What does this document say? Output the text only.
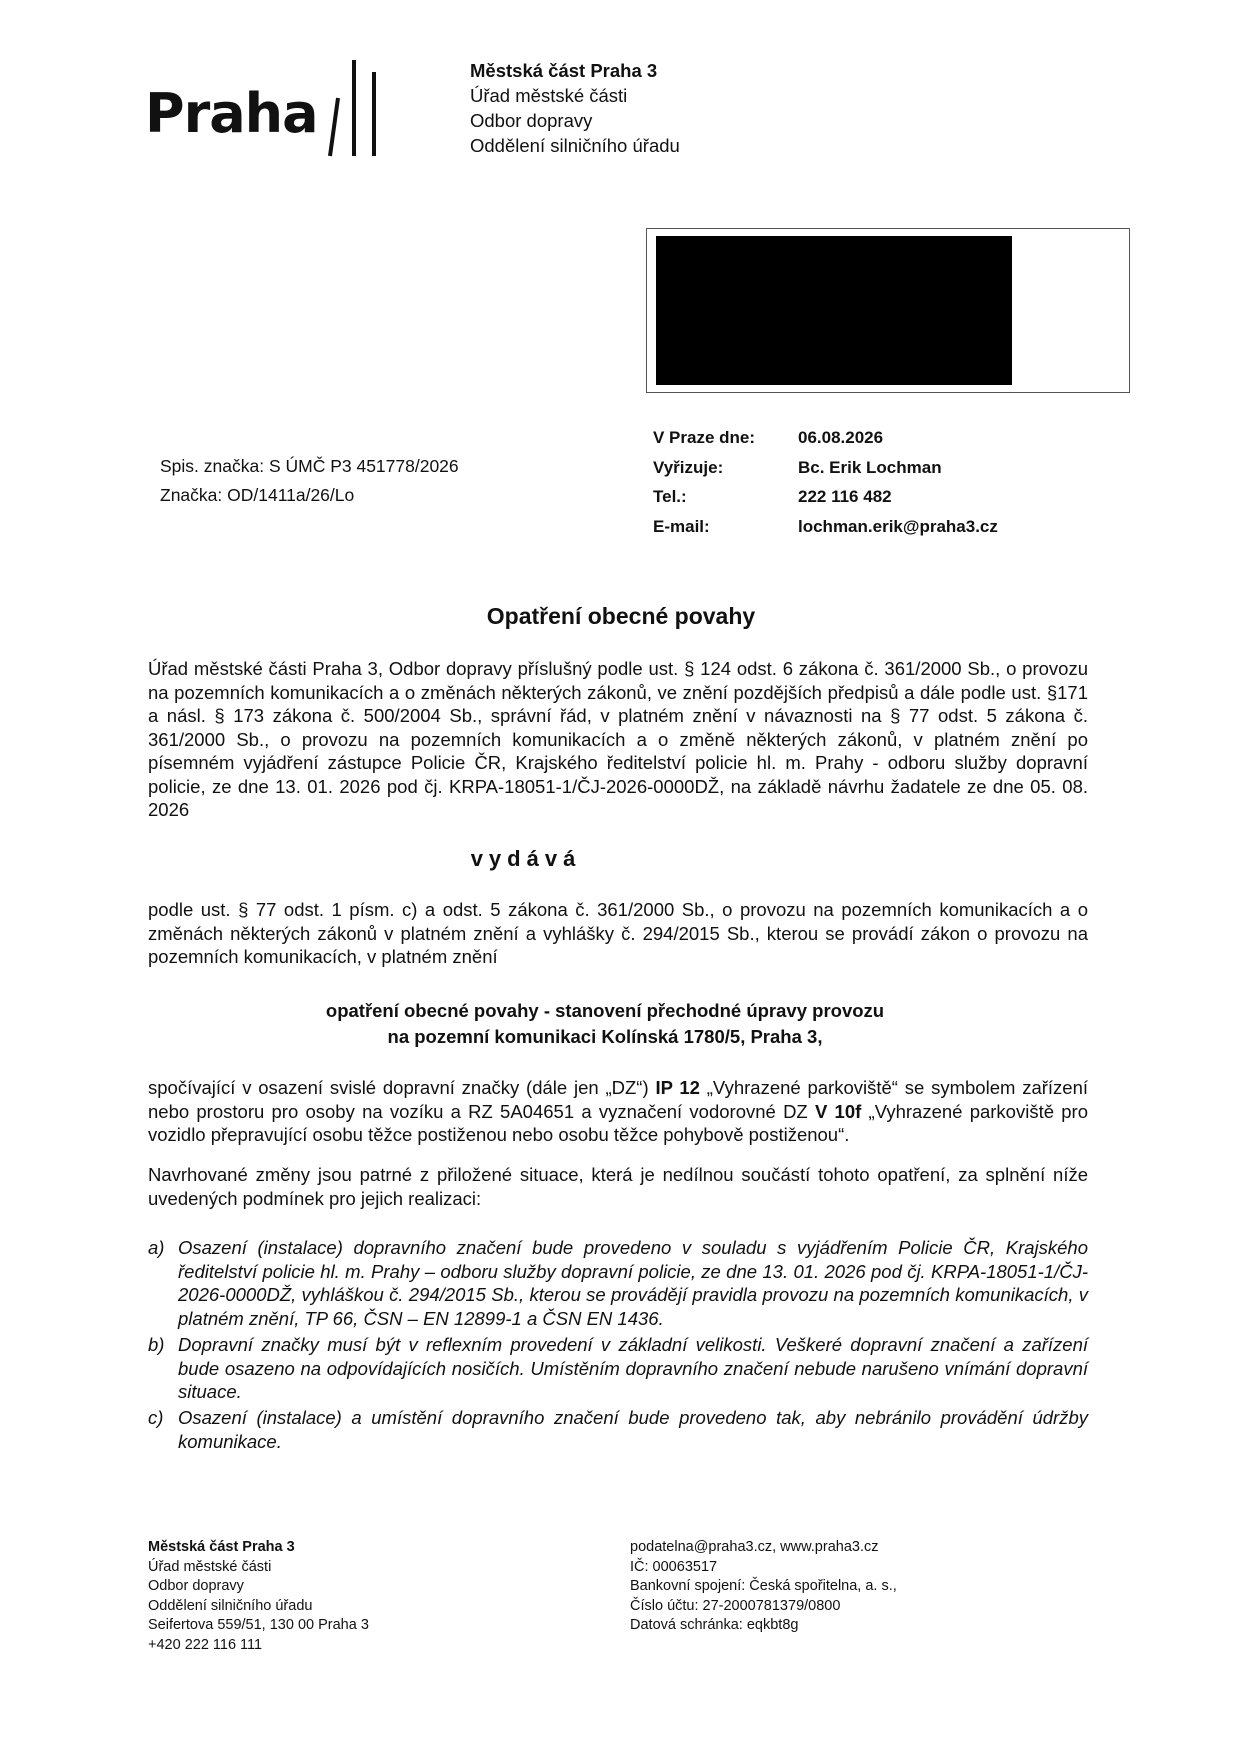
Praha
Městská část Praha 3
Úřad městské části
Odbor dopravy
Oddělení silničního úřadu
Spis. značka: S ÚMČ P3 451778/2026
Značka: OD/1411a/26/Lo
V Praze dne:	06.08.2026
Vyřizuje:	Bc. Erik Lochman
Tel.:	222 116 482
E-mail:	lochman.erik@praha3.cz
Opatření obecné povahy
Úřad městské části Praha 3, Odbor dopravy příslušný podle ust. § 124 odst. 6 zákona č. 361/2000 Sb., o provozu na pozemních komunikacích a o změnách některých zákonů, ve znění pozdějších předpisů a dále podle ust. §171 a násl. § 173 zákona č. 500/2004 Sb., správní řád, v platném znění v návaznosti na § 77 odst. 5 zákona č. 361/2000 Sb., o provozu na pozemních komunikacích a o změně některých zákonů, v platném znění po písemném vyjádření zástupce Policie ČR, Krajského ředitelství policie hl. m. Prahy - odboru služby dopravní policie, ze dne 13. 01. 2026 pod čj. KRPA-18051-1/ČJ-2026-0000DŽ, na základě návrhu žadatele ze dne 05. 08. 2026
vydává
podle ust. § 77 odst. 1 písm. c) a odst. 5 zákona č. 361/2000 Sb., o provozu na pozemních komunikacích a o změnách některých zákonů v platném znění a vyhlášky č. 294/2015 Sb., kterou se provádí zákon o provozu na pozemních komunikacích, v platném znění
opatření obecné povahy - stanovení přechodné úpravy provozu
na pozemní komunikaci Kolínská 1780/5, Praha 3,
spočívající v osazení svislé dopravní značky (dále jen „DZ“) IP 12 „Vyhrazené parkoviště“ se symbolem zařízení nebo prostoru pro osoby na vozíku a RZ 5A04651 a vyznačení vodorovné DZ V 10f „Vyhrazené parkoviště pro vozidlo přepravující osobu těžce postiženou nebo osobu těžce pohybově postiženou“.
Navrhované změny jsou patrné z přiložené situace, která je nedílnou součástí tohoto opatření, za splnění níže uvedených podmínek pro jejich realizaci:
a) Osazení (instalace) dopravního značení bude provedeno v souladu s vyjádřením Policie ČR, Krajského ředitelství policie hl. m. Prahy – odboru služby dopravní policie, ze dne 13. 01. 2026 pod čj. KRPA-18051-1/ČJ-2026-0000DŽ, vyhláškou č. 294/2015 Sb., kterou se provádějí pravidla provozu na pozemních komunikacích, v platném znění, TP 66, ČSN – EN 12899-1 a ČSN EN 1436.
b) Dopravní značky musí být v reflexním provedení v základní velikosti. Veškeré dopravní značení a zařízení bude osazeno na odpovídajících nosičích. Umístěním dopravního značení nebude narušeno vnímání dopravní situace.
c) Osazení (instalace) a umístění dopravního značení bude provedeno tak, aby nebránilo provádění údržby komunikace.
Městská část Praha 3
Úřad městské části
Odbor dopravy
Oddělení silničního úřadu
Seifertova 559/51, 130 00 Praha 3
+420 222 116 111
podatelna@praha3.cz, www.praha3.cz
IČ: 00063517
Bankovní spojení: Česká spořitelna, a. s.,
Číslo účtu: 27-2000781379/0800
Datová schránka: eqkbt8g
